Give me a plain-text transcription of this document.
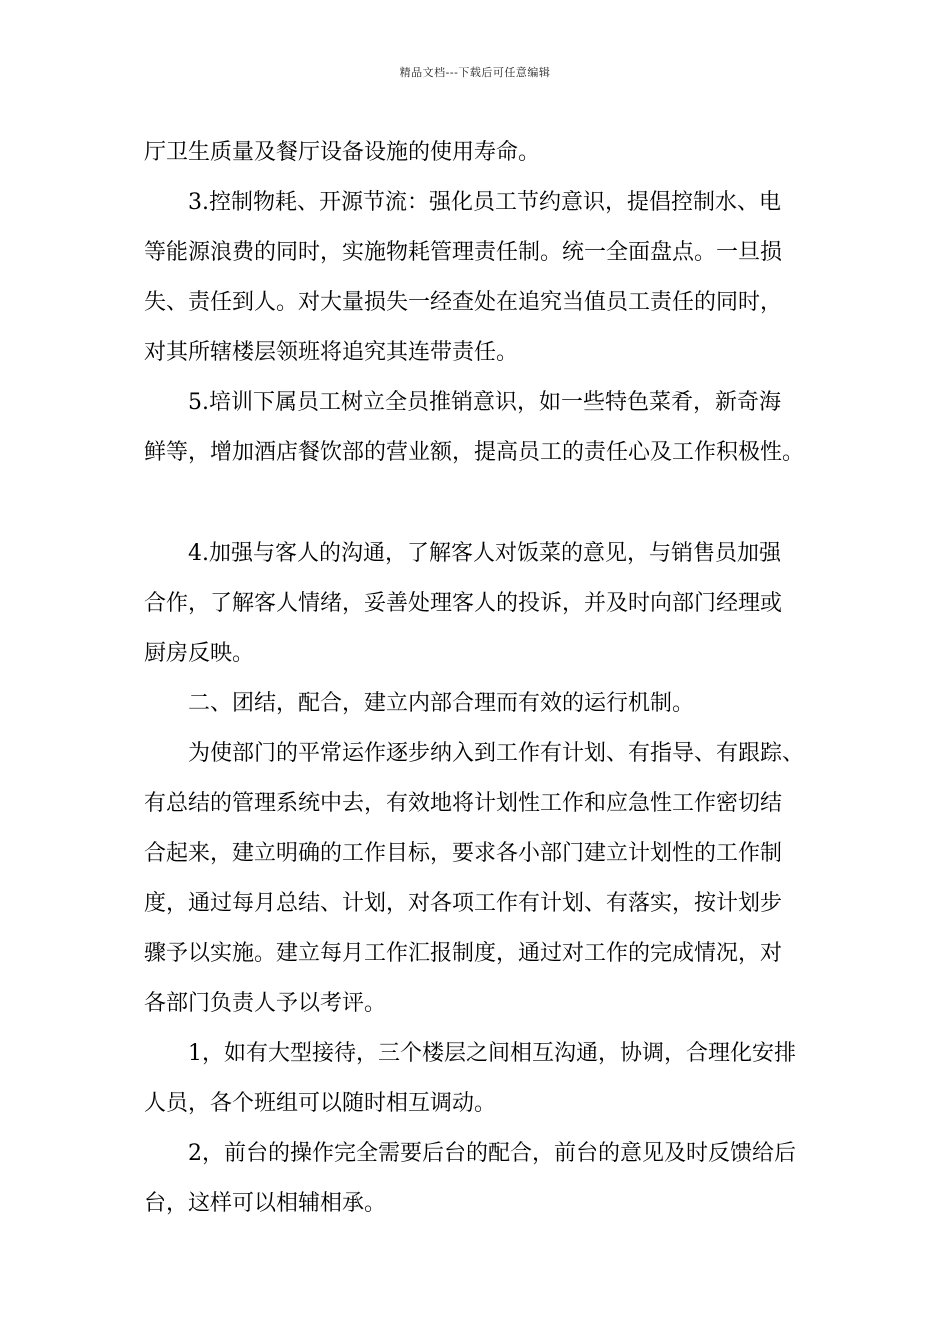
精品文档---下载后可任意编辑
厅卫生质量及餐厅设备设施的使用寿命。
3.控制物耗、开源节流：强化员工节约意识，提倡控制水、电
等能源浪费的同时，实施物耗管理责任制。统一全面盘点。一旦损
失、责任到人。对大量损失一经查处在追究当值员工责任的同时，
对其所辖楼层领班将追究其连带责任。
5.培训下属员工树立全员推销意识，如一些特色菜肴，新奇海
鲜等，增加酒店餐饮部的营业额，提高员工的责任心及工作积极性。
4.加强与客人的沟通，了解客人对饭菜的意见，与销售员加强
合作，了解客人情绪，妥善处理客人的投诉，并及时向部门经理或
厨房反映。
二、团结，配合，建立内部合理而有效的运行机制。
为使部门的平常运作逐步纳入到工作有计划、有指导、有跟踪、
有总结的管理系统中去，有效地将计划性工作和应急性工作密切结
合起来，建立明确的工作目标，要求各小部门建立计划性的工作制
度，通过每月总结、计划，对各项工作有计划、有落实，按计划步
骤予以实施。建立每月工作汇报制度，通过对工作的完成情况，对
各部门负责人予以考评。
1，如有大型接待，三个楼层之间相互沟通，协调，合理化安排
人员，各个班组可以随时相互调动。
2，前台的操作完全需要后台的配合，前台的意见及时反馈给后
台，这样可以相辅相承。
